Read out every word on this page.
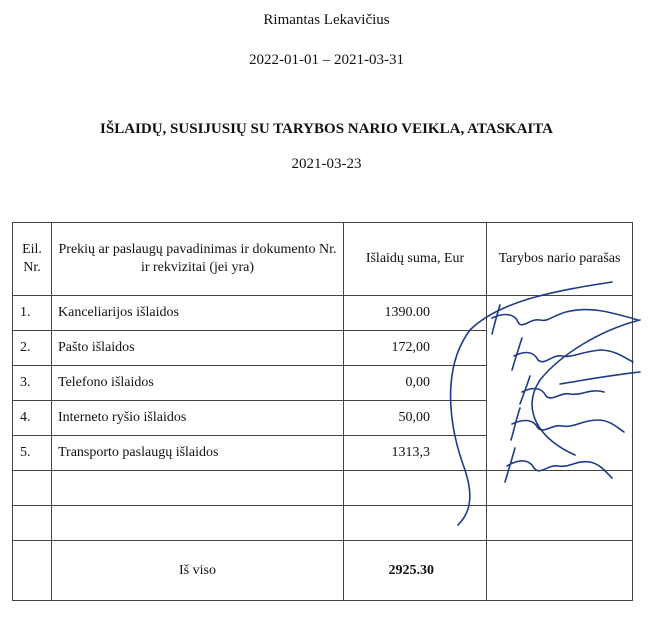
Rimantas Lekavičius
2022-01-01 – 2021-03-31
IŠLAIDŲ, SUSIJUSIŲ SU TARYBOS NARIO VEIKLA, ATASKAITA
2021-03-23
Eil. Nr.	Prekių ar paslaugų pavadinimas ir dokumento Nr. ir rekvizitai (jei yra)	Išlaidų suma, Eur	Tarybos nario parašas
1.	Kanceliarijos išlaidos	1390.00	
2.	Pašto išlaidos	172,00	
3.	Telefono išlaidos	0,00	
4.	Interneto ryšio išlaidos	50,00	
5.	Transporto paslaugų išlaidos	1313,3	

	Iš viso	2925.30	
